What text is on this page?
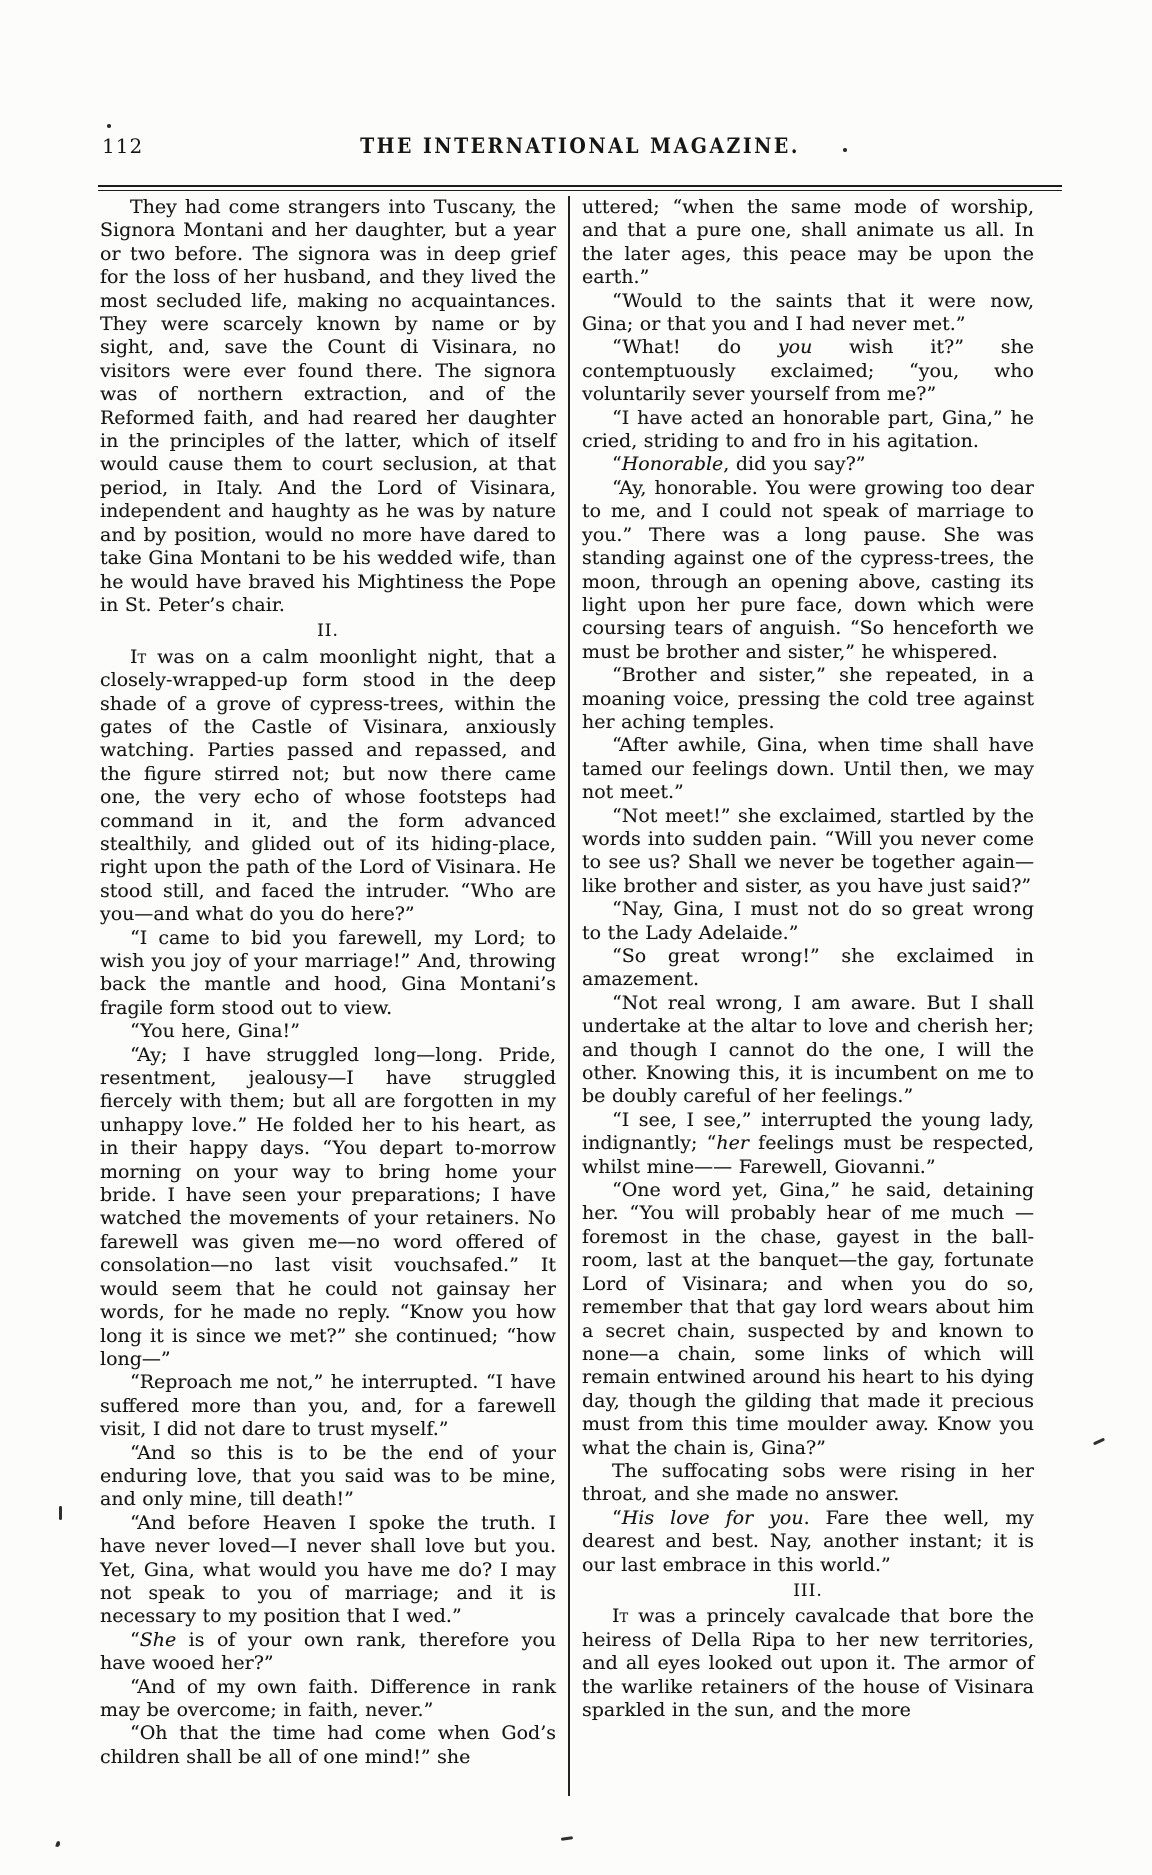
112	THE INTERNATIONAL MAGAZINE.

They had come strangers into Tuscany, the Signora Montani and her daughter, but a year or two before. The signora was in deep grief for the loss of her husband, and they lived the most secluded life, making no acquaintances. They were scarcely known by name or by sight, and, save the Count di Visinara, no visitors were ever found there. The signora was of northern extraction, and of the Reformed faith, and had reared her daughter in the principles of the latter, which of itself would cause them to court seclusion, at that period, in Italy. And the Lord of Visinara, independent and haughty as he was by nature and by position, would no more have dared to take Gina Montani to be his wedded wife, than he would have braved his Mightiness the Pope in St. Peter’s chair.

II.

It was on a calm moonlight night, that a closely-wrapped-up form stood in the deep shade of a grove of cypress-trees, within the gates of the Castle of Visinara, anxiously watching. Parties passed and repassed, and the figure stirred not; but now there came one, the very echo of whose footsteps had command in it, and the form advanced stealthily, and glided out of its hiding-place, right upon the path of the Lord of Visinara. He stood still, and faced the intruder. “Who are you—and what do you do here?”

“I came to bid you farewell, my Lord; to wish you joy of your marriage!” And, throwing back the mantle and hood, Gina Montani’s fragile form stood out to view.

“You here, Gina!”

“Ay; I have struggled long—long. Pride, resentment, jealousy—I have struggled fiercely with them; but all are forgotten in my unhappy love.” He folded her to his heart, as in their happy days. “You depart to-morrow morning on your way to bring home your bride. I have seen your preparations; I have watched the movements of your retainers. No farewell was given me—no word offered of consolation—no last visit vouchsafed.” It would seem that he could not gainsay her words, for he made no reply. “Know you how long it is since we met?” she continued; “how long—”

“Reproach me not,” he interrupted. “I have suffered more than you, and, for a farewell visit, I did not dare to trust myself.”

“And so this is to be the end of your enduring love, that you said was to be mine, and only mine, till death!”

“And before Heaven I spoke the truth. I have never loved—I never shall love but you. Yet, Gina, what would you have me do? I may not speak to you of marriage; and it is necessary to my position that I wed.”

“She is of your own rank, therefore you have wooed her?”

“And of my own faith. Difference in rank may be overcome; in faith, never.”

“Oh that the time had come when God’s children shall be all of one mind!” she

uttered; “when the same mode of worship, and that a pure one, shall animate us all. In the later ages, this peace may be upon the earth.”

“Would to the saints that it were now, Gina; or that you and I had never met.”

“What! do you wish it?” she contemptuously exclaimed; “you, who voluntarily sever yourself from me?”

“I have acted an honorable part, Gina,” he cried, striding to and fro in his agitation.

“Honorable, did you say?”

“Ay, honorable. You were growing too dear to me, and I could not speak of marriage to you.” There was a long pause. She was standing against one of the cypress-trees, the moon, through an opening above, casting its light upon her pure face, down which were coursing tears of anguish. “So henceforth we must be brother and sister,” he whispered.

“Brother and sister,” she repeated, in a moaning voice, pressing the cold tree against her aching temples.

“After awhile, Gina, when time shall have tamed our feelings down. Until then, we may not meet.”

“Not meet!” she exclaimed, startled by the words into sudden pain. “Will you never come to see us? Shall we never be together again—like brother and sister, as you have just said?”

“Nay, Gina, I must not do so great wrong to the Lady Adelaide.”

“So great wrong!” she exclaimed in amazement.

“Not real wrong, I am aware. But I shall undertake at the altar to love and cherish her; and though I cannot do the one, I will the other. Knowing this, it is incumbent on me to be doubly careful of her feelings.”

“I see, I see,” interrupted the young lady, indignantly; “her feelings must be respected, whilst mine—— Farewell, Giovanni.”

“One word yet, Gina,” he said, detaining her. “You will probably hear of me much —foremost in the chase, gayest in the ball-room, last at the banquet—the gay, fortunate Lord of Visinara; and when you do so, remember that that gay lord wears about him a secret chain, suspected by and known to none—a chain, some links of which will remain entwined around his heart to his dying day, though the gilding that made it precious must from this time moulder away. Know you what the chain is, Gina?”

The suffocating sobs were rising in her throat, and she made no answer.

“His love for you. Fare thee well, my dearest and best. Nay, another instant; it is our last embrace in this world.”

III.

It was a princely cavalcade that bore the heiress of Della Ripa to her new territories, and all eyes looked out upon it. The armor of the warlike retainers of the house of Visinara sparkled in the sun, and the more
